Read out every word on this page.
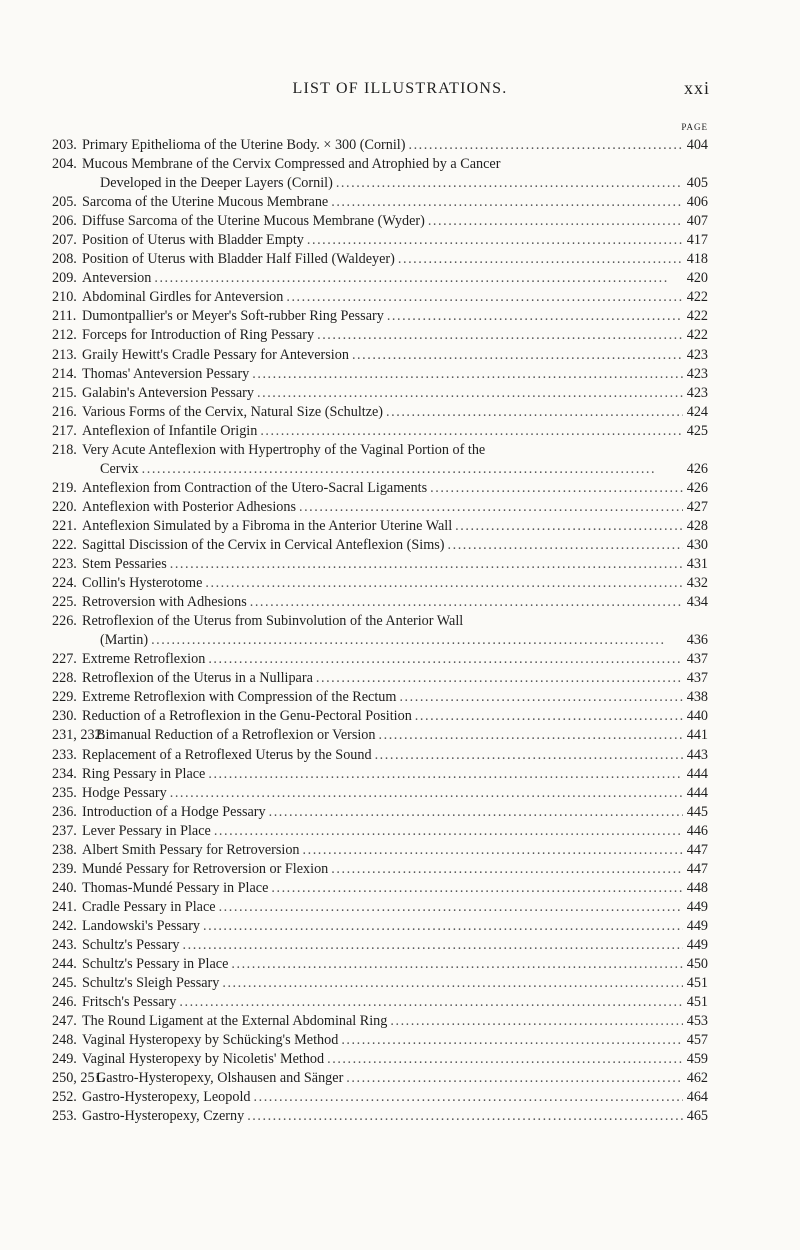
LIST OF ILLUSTRATIONS.	xxi
PAGE
203. Primary Epithelioma of the Uterine Body. × 300 (Cornil) . . .	404
204. Mucous Membrane of the Cervix Compressed and Atrophied by a Cancer
Developed in the Deeper Layers (Cornil) . . .	405
205. Sarcoma of the Uterine Mucous Membrane . . .	406
206. Diffuse Sarcoma of the Uterine Mucous Membrane (Wyder) . . .	407
207. Position of Uterus with Bladder Empty . . .	417
208. Position of Uterus with Bladder Half Filled (Waldeyer) . . .	418
209. Anteversion . . .	420
210. Abdominal Girdles for Anteversion . . .	422
211. Dumontpallier's or Meyer's Soft-rubber Ring Pessary . . .	422
212. Forceps for Introduction of Ring Pessary . . .	422
213. Graily Hewitt's Cradle Pessary for Anteversion . . .	423
214. Thomas' Anteversion Pessary . . .	423
215. Galabin's Anteversion Pessary . . .	423
216. Various Forms of the Cervix, Natural Size (Schultze) . . .	424
217. Anteflexion of Infantile Origin . . .	425
218. Very Acute Anteflexion with Hypertrophy of the Vaginal Portion of the
Cervix . . .	426
219. Anteflexion from Contraction of the Utero-Sacral Ligaments . . .	426
220. Anteflexion with Posterior Adhesions . . .	427
221. Anteflexion Simulated by a Fibroma in the Anterior Uterine Wall . . .	428
222. Sagittal Discission of the Cervix in Cervical Anteflexion (Sims) . . .	430
223. Stem Pessaries . . .	431
224. Collin's Hysterotome . . .	432
225. Retroversion with Adhesions . . .	434
226. Retroflexion of the Uterus from Subinvolution of the Anterior Wall
(Martin) . . .	436
227. Extreme Retroflexion . . .	437
228. Retroflexion of the Uterus in a Nullipara . . .	437
229. Extreme Retroflexion with Compression of the Rectum . . .	438
230. Reduction of a Retroflexion in the Genu-Pectoral Position . . .	440
231, 232.
Bimanual Reduction of a Retroflexion or Version . . .	441
233. Replacement of a Retroflexed Uterus by the Sound . . .	443
234. Ring Pessary in Place . . .	444
235. Hodge Pessary . . .	444
236. Introduction of a Hodge Pessary . . .	445
237. Lever Pessary in Place . . .	446
238. Albert Smith Pessary for Retroversion . . .	447
239. Mundé Pessary for Retroversion or Flexion . . .	447
240. Thomas-Mundé Pessary in Place . . .	448
241. Cradle Pessary in Place . . .	449
242. Landowski's Pessary . . .	449
243. Schultz's Pessary . . .	449
244. Schultz's Pessary in Place . . .	450
245. Schultz's Sleigh Pessary . . .	451
246. Fritsch's Pessary . . .	451
247. The Round Ligament at the External Abdominal Ring . . .	453
248. Vaginal Hysteropexy by Schücking's Method . . .	457
249. Vaginal Hysteropexy by Nicoletis' Method . . .	459
250, 251.
Gastro-Hysteropexy, Olshausen and Sänger . . .	462
252. Gastro-Hysteropexy, Leopold . . .	464
253. Gastro-Hysteropexy, Czerny . . .	465
